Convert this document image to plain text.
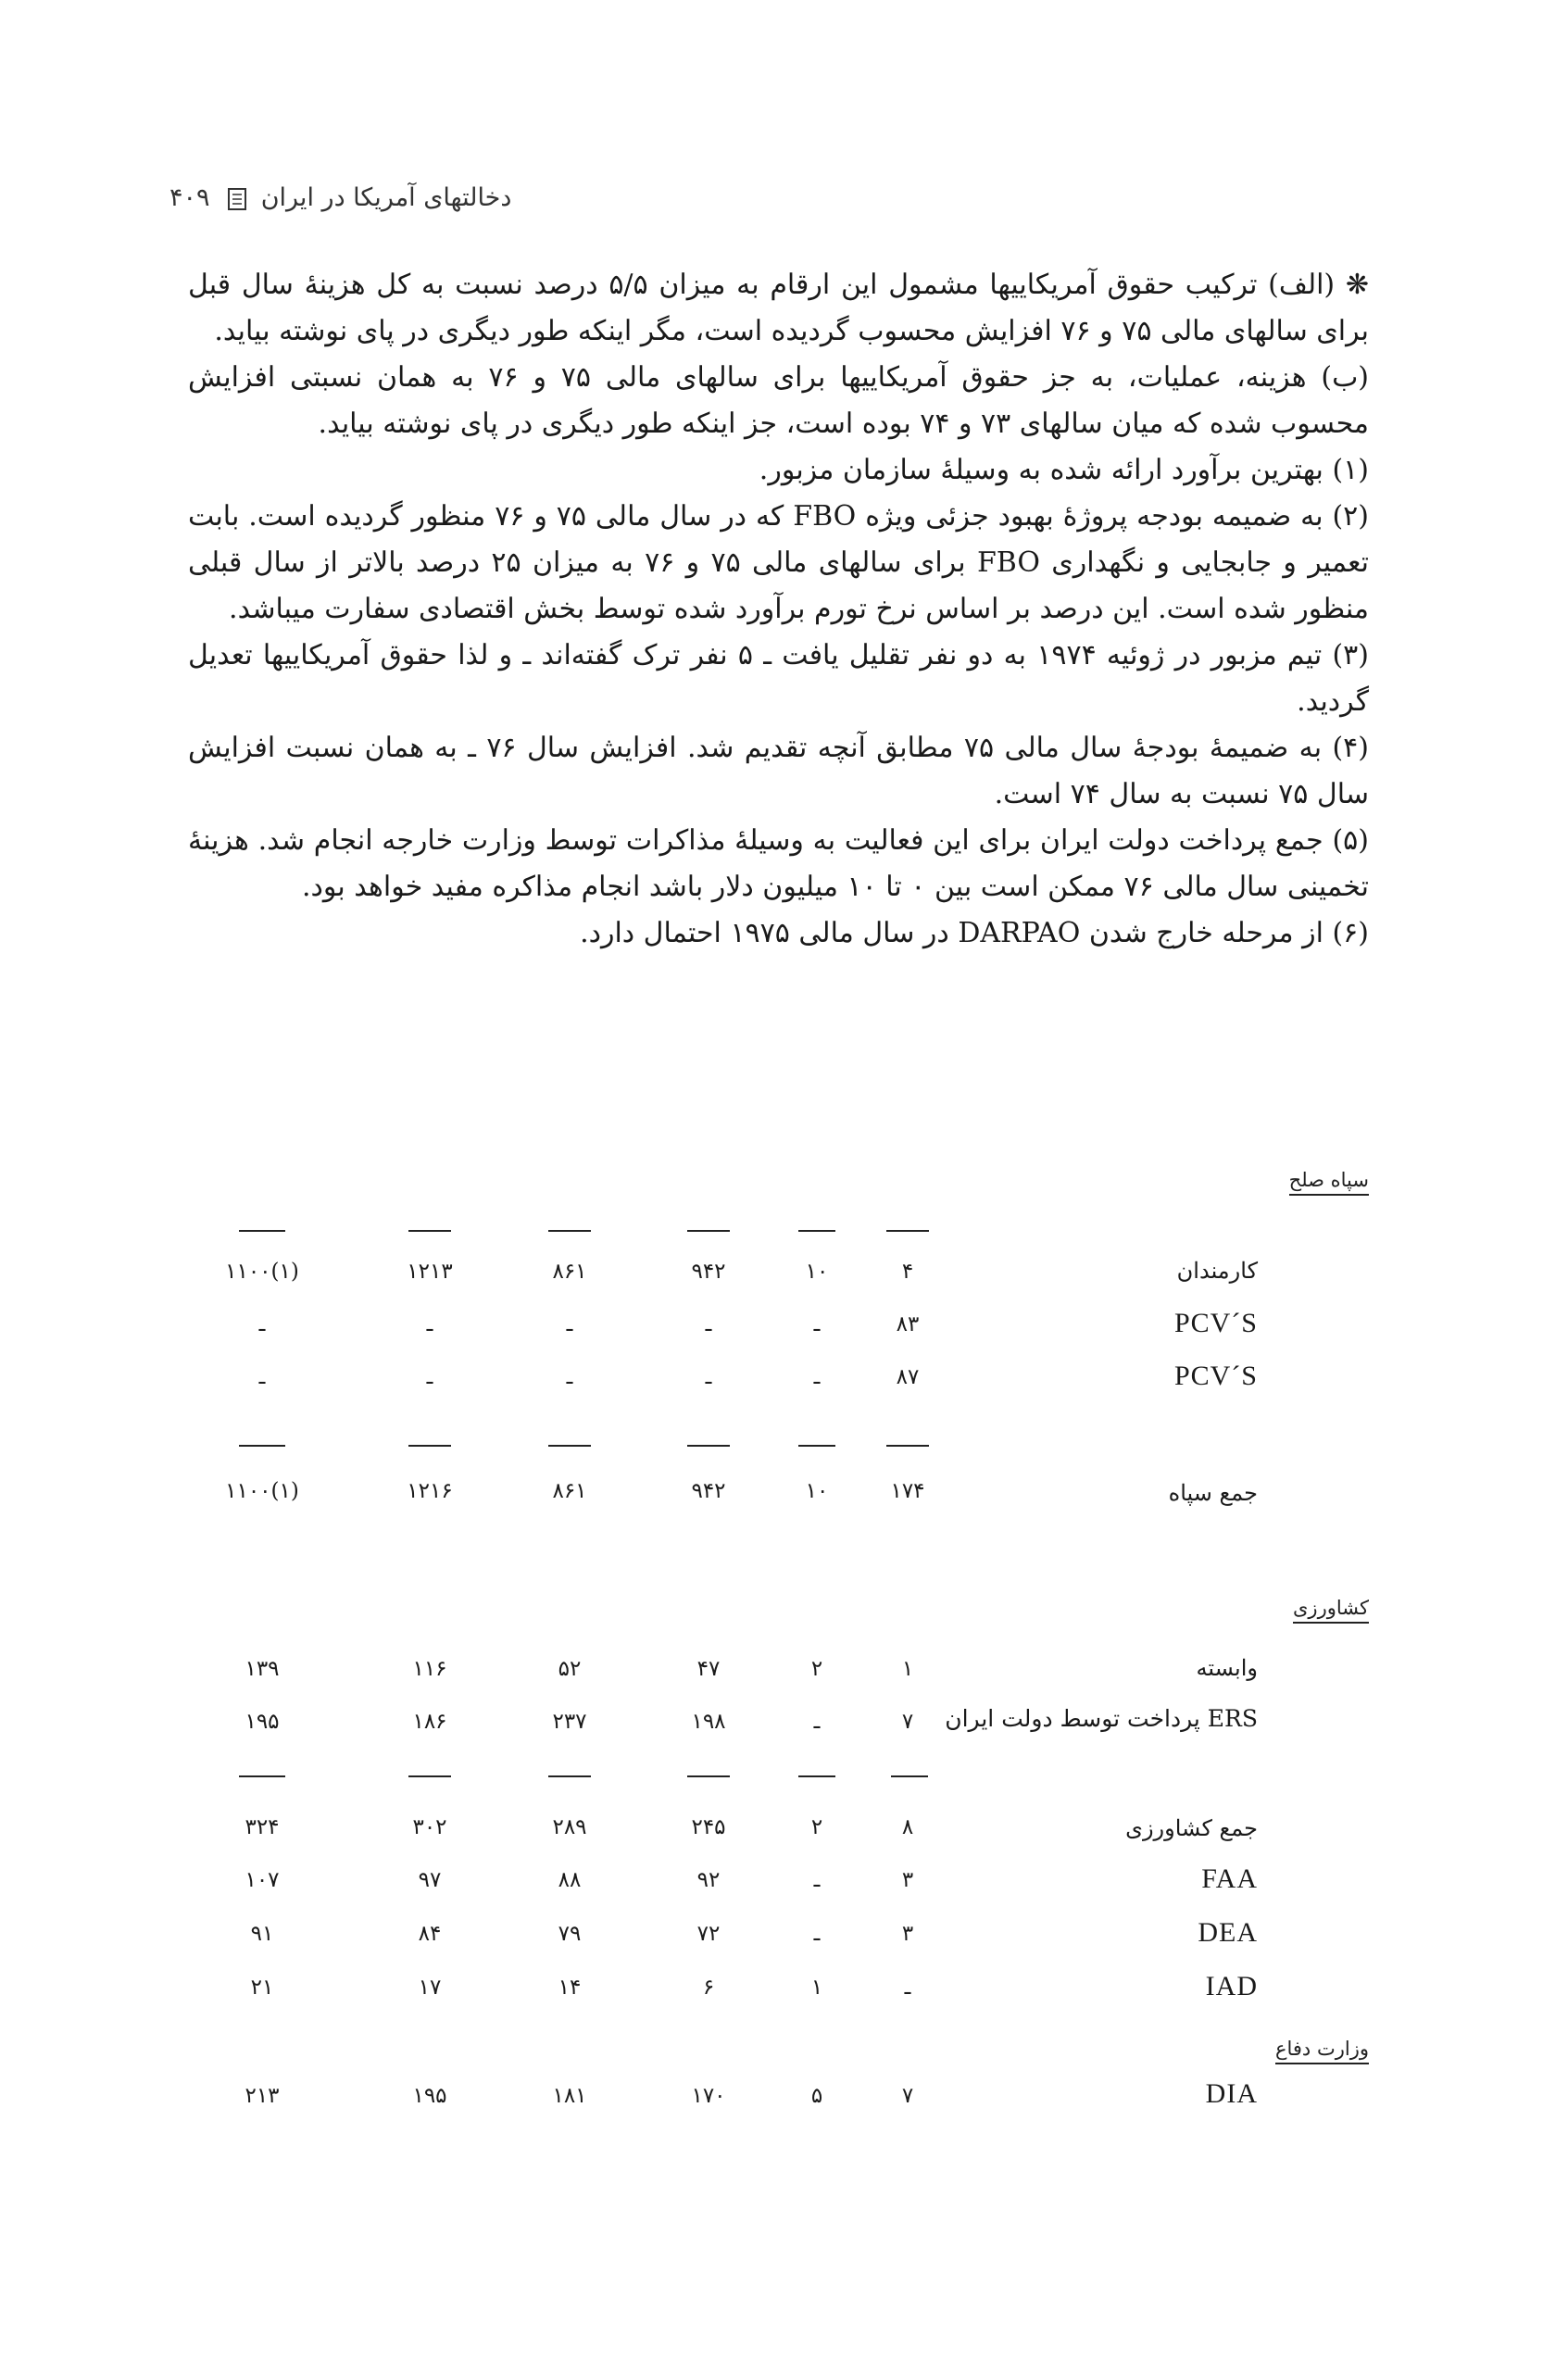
دخالتهای آمریکا در ایران  ۴۰۹

❋ (الف) ترکیب حقوق آمریکاییها مشمول این ارقام به میزان ۵/۵ درصد نسبت به کل هزینهٔ سال قبل برای سالهای مالی ۷۵ و ۷۶ افزایش محسوب گردیده است، مگر اینکه طور دیگری در پای نوشته بیاید.

(ب) هزینه، عملیات، به جز حقوق آمریکاییها برای سالهای مالی ۷۵ و ۷۶ به همان نسبتی افزایش محسوب شده که میان سالهای ۷۳ و ۷۴ بوده است، جز اینکه طور دیگری در پای نوشته بیاید.

(۱) بهترین برآورد ارائه شده به وسیلهٔ سازمان مزبور.

(۲) به ضمیمه بودجه پروژهٔ بهبود جزئی ویژه FBO که در سال مالی ۷۵ و ۷۶ منظور گردیده است. بابت تعمیر و جابجایی و نگهداری FBO برای سالهای مالی ۷۵ و ۷۶ به میزان ۲۵ درصد بالاتر از سال قبلی منظور شده است. این درصد بر اساس نرخ تورم برآورد شده توسط بخش اقتصادی سفارت میباشد.

(۳) تیم مزبور در ژوئیه ۱۹۷۴ به دو نفر تقلیل یافت ـ ۵ نفر ترک گفته‌اند ـ و لذا حقوق آمریکاییها تعدیل گردید.

(۴) به ضمیمهٔ بودجهٔ سال مالی ۷۵ مطابق آنچه تقدیم شد. افزایش سال ۷۶ ـ به همان نسبت افزایش سال ۷۵ نسبت به سال ۷۴ است.

(۵) جمع پرداخت دولت ایران برای این فعالیت به وسیلهٔ مذاکرات توسط وزارت خارجه انجام شد. هزینهٔ تخمینی سال مالی ۷۶ ممکن است بین ۰ تا ۱۰ میلیون دلار باشد انجام مذاکره مفید خواهد بود.

(۶) از مرحله خارج شدن DARPAO در سال مالی ۱۹۷۵ احتمال دارد.

سپاه صلح
کارمندان
۴
۱۰
۹۴۲
۸۶۱
۱۲۱۳
(۱)۱۱۰۰
PCV´S
۸۳
ـ
ـ
ـ
ـ
ـ
PCV´S
۸۷
ـ
ـ
ـ
ـ
ـ
جمع سپاه
۱۷۴
۱۰
۹۴۲
۸۶۱
۱۲۱۶
(۱)۱۱۰۰
کشاورزی
وابسته
۱
۲
۴۷
۵۲
۱۱۶
۱۳۹
ERS پرداخت توسط دولت ایران
۷
ـ
۱۹۸
۲۳۷
۱۸۶
۱۹۵
جمع کشاورزی
۸
۲
۲۴۵
۲۸۹
۳۰۲
۳۲۴
FAA
۳
ـ
۹۲
۸۸
۹۷
۱۰۷
DEA
۳
ـ
۷۲
۷۹
۸۴
۹۱
IAD
ـ
۱
۶
۱۴
۱۷
۲۱
وزارت دفاع
DIA
۷
۵
۱۷۰
۱۸۱
۱۹۵
۲۱۳
